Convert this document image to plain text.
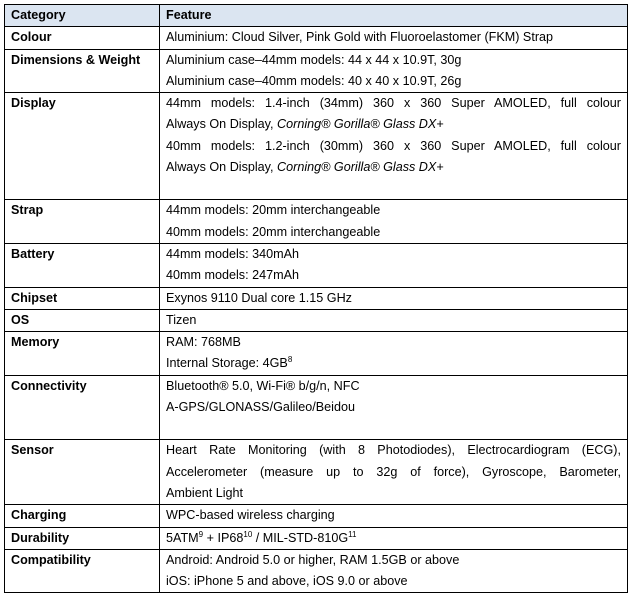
Category	Feature
Colour	Aluminium: Cloud Silver, Pink Gold with Fluoroelastomer (FKM) Strap

Dimensions & Weight	Aluminium case–44mm models: 44 x 44 x 10.9T, 30g
Aluminium case–40mm models: 40 x 40 x 10.9T, 26g

Display	44mm models: 1.4-inch (34mm) 360 x 360 Super AMOLED, full colour
Always On Display, Corning® Gorilla® Glass DX+
40mm models: 1.2-inch (30mm) 360 x 360 Super AMOLED, full colour
Always On Display, Corning® Gorilla® Glass DX+

Strap	44mm models: 20mm interchangeable
40mm models: 20mm interchangeable

Battery	44mm models: 340mAh
40mm models: 247mAh

Chipset	Exynos 9110 Dual core 1.15 GHz

OS	Tizen

Memory	RAM: 768MB
Internal Storage: $4GB^8$

Connectivity	Bluetooth® 5.0, Wi-Fi® b/g/n, NFC
A-GPS/GLONASS/Galileo/Beidou

Sensor	Heart Rate Monitoring (with 8 Photodiodes), Electrocardiogram (ECG),
Accelerometer (measure up to 32g of force), Gyroscope, Barometer,
Ambient Light

Charging	WPC-based wireless charging

Durability	$5ATM^9 + IP68^{10} / MIL-STD-810G^{11}$

Compatibility	Android: Android 5.0 or higher, RAM 1.5GB or above
iOS: iPhone 5 and above, iOS 9.0 or above
